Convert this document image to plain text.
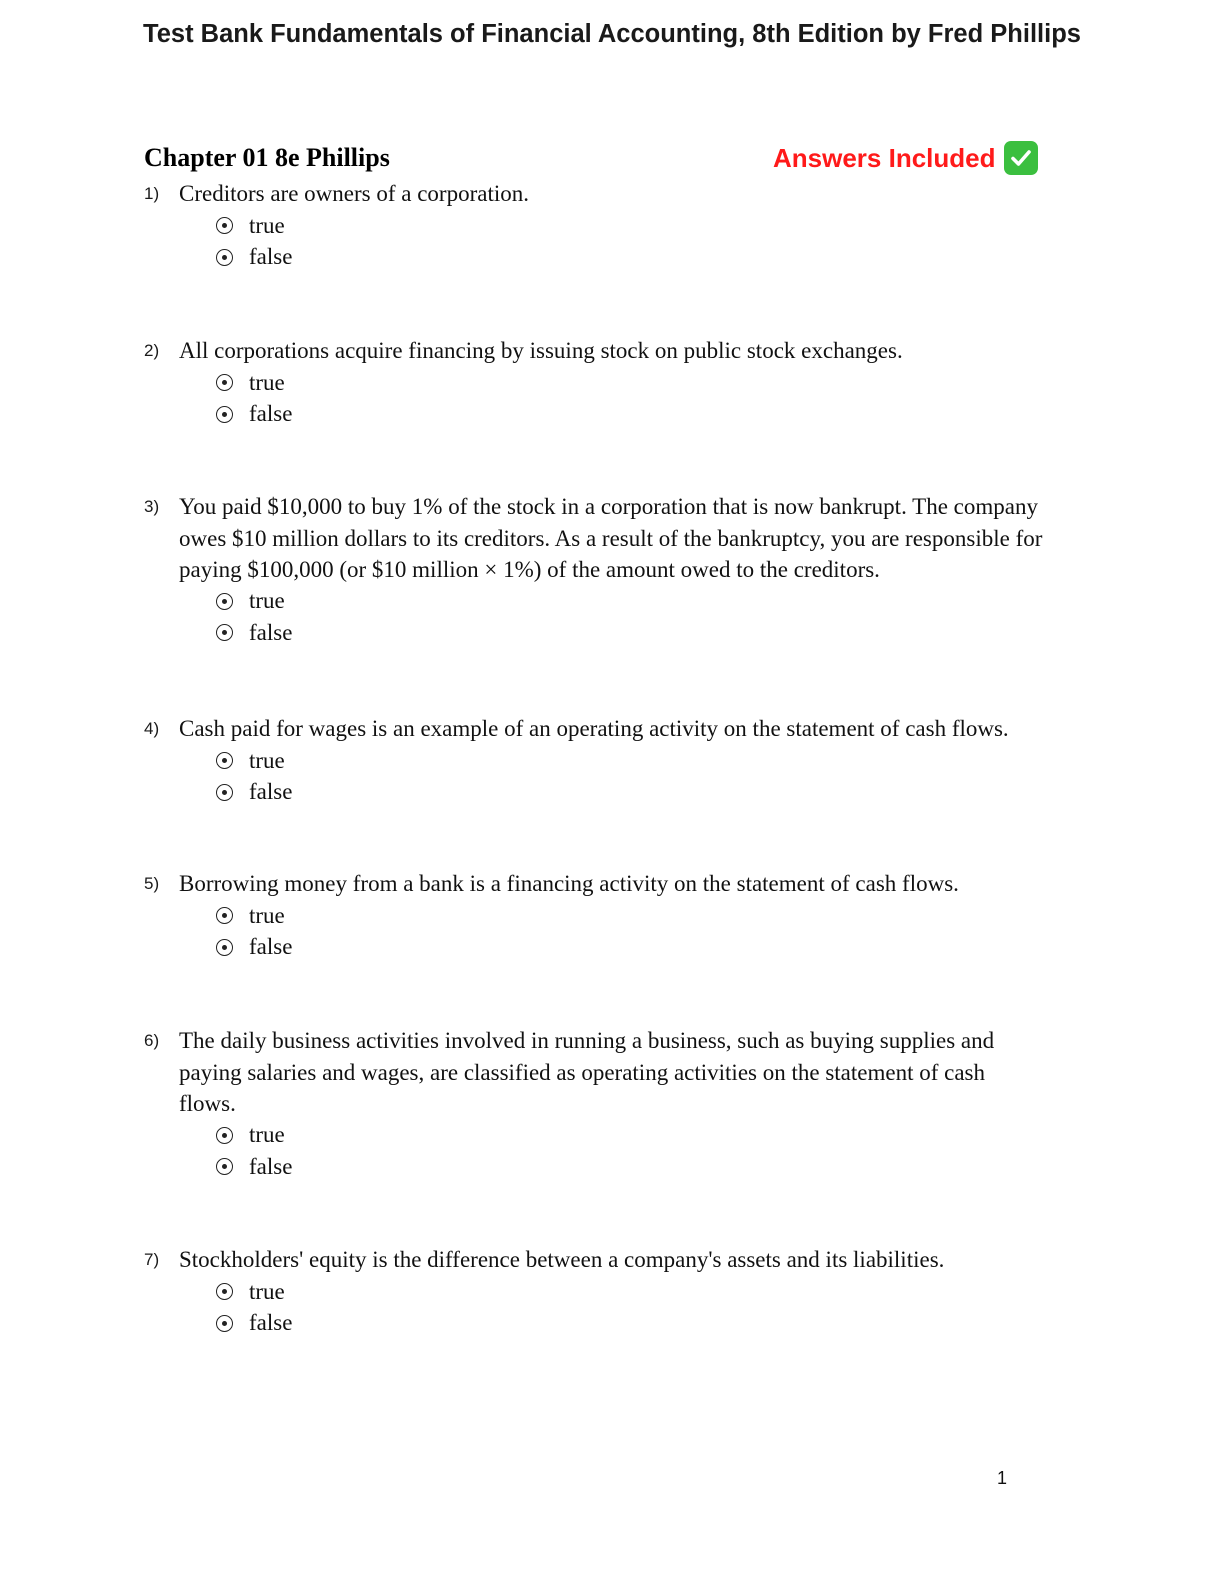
Test Bank Fundamentals of Financial Accounting, 8th Edition by Fred Phillips
Chapter 01 8e Phillips	Answers Included
1) Creditors are owners of a corporation.
true
false
2) All corporations acquire financing by issuing stock on public stock exchanges.
true
false
3) You paid $10,000 to buy 1% of the stock in a corporation that is now bankrupt. The company owes $10 million dollars to its creditors. As a result of the bankruptcy, you are responsible for paying $100,000 (or $10 million × 1%) of the amount owed to the creditors.
true
false
4) Cash paid for wages is an example of an operating activity on the statement of cash flows.
true
false
5) Borrowing money from a bank is a financing activity on the statement of cash flows.
true
false
6) The daily business activities involved in running a business, such as buying supplies and paying salaries and wages, are classified as operating activities on the statement of cash flows.
true
false
7) Stockholders' equity is the difference between a company's assets and its liabilities.
true
false
1
